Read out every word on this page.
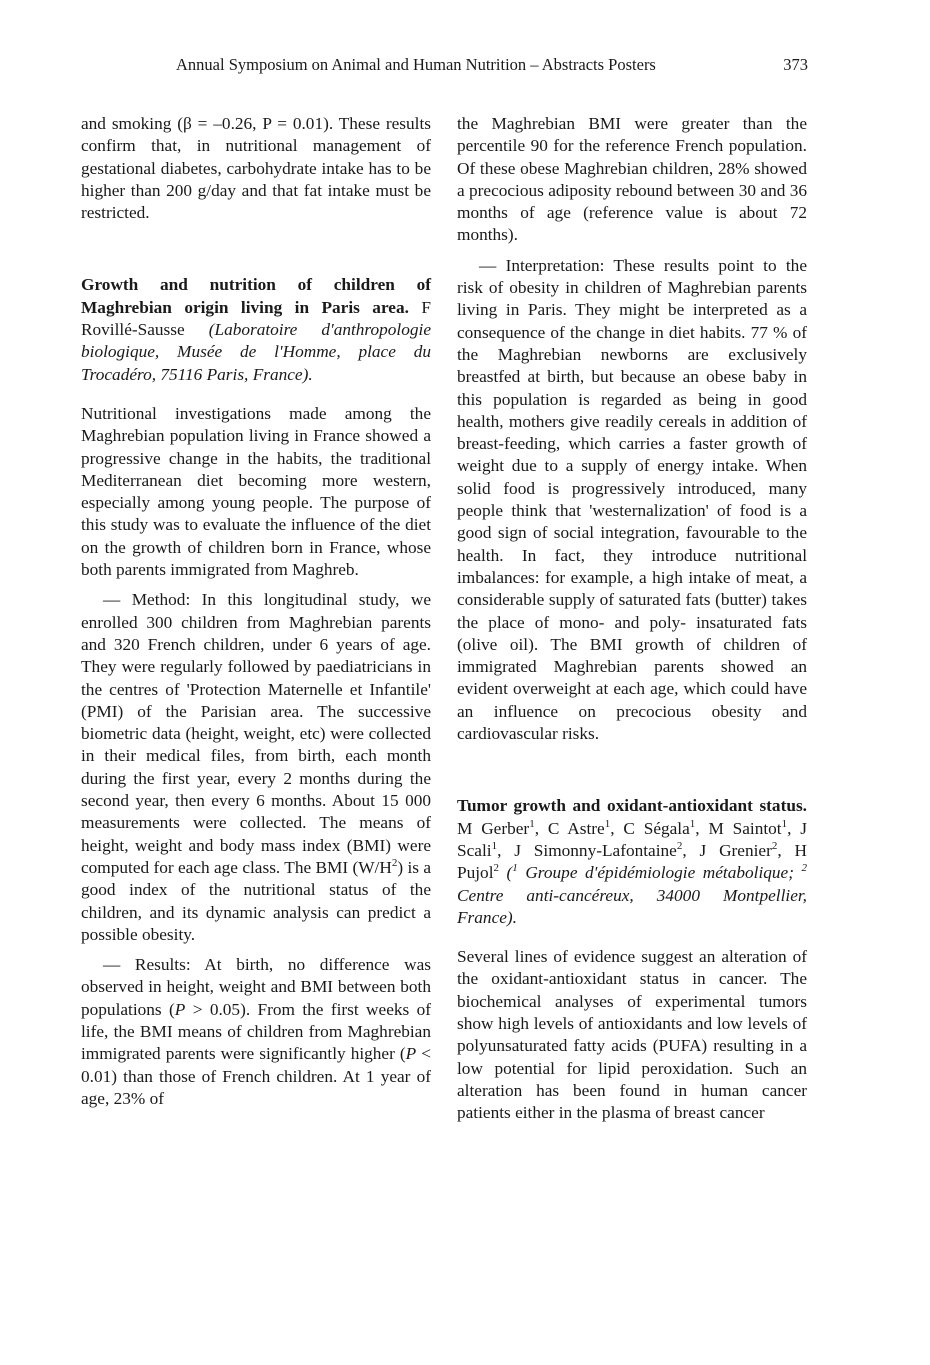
Annual Symposium on Animal and Human Nutrition – Abstracts Posters	373

and smoking (β = –0.26, P = 0.01). These results confirm that, in nutritional management of gestational diabetes, carbohydrate intake has to be higher than 200 g/day and that fat intake must be restricted.

Growth and nutrition of children of Maghrebian origin living in Paris area. F Rovillé-Sausse (Laboratoire d'anthropologie biologique, Musée de l'Homme, place du Trocadéro, 75116 Paris, France).

Nutritional investigations made among the Maghrebian population living in France showed a progressive change in the habits, the traditional Mediterranean diet becoming more western, especially among young people. The purpose of this study was to evaluate the influence of the diet on the growth of children born in France, whose both parents immigrated from Maghreb.

— Method: In this longitudinal study, we enrolled 300 children from Maghrebian parents and 320 French children, under 6 years of age. They were regularly followed by paediatricians in the centres of 'Protection Maternelle et Infantile' (PMI) of the Parisian area. The successive biometric data (height, weight, etc) were collected in their medical files, from birth, each month during the first year, every 2 months during the second year, then every 6 months. About 15 000 measurements were collected. The means of height, weight and body mass index (BMI) were computed for each age class. The BMI $(W/H^2)$ is a good index of the nutritional status of the children, and its dynamic analysis can predict a possible obesity.

— Results: At birth, no difference was observed in height, weight and BMI between both populations (P > 0.05). From the first weeks of life, the BMI means of children from Maghrebian immigrated parents were significantly higher (P < 0.01) than those of French children. At 1 year of age, 23% of

the Maghrebian BMI were greater than the percentile 90 for the reference French population. Of these obese Maghrebian children, 28% showed a precocious adiposity rebound between 30 and 36 months of age (reference value is about 72 months).

— Interpretation: These results point to the risk of obesity in children of Maghrebian parents living in Paris. They might be interpreted as a consequence of the change in diet habits. 77 % of the Maghrebian newborns are exclusively breastfed at birth, but because an obese baby in this population is regarded as being in good health, mothers give readily cereals in addition of breast-feeding, which carries a faster growth of weight due to a supply of energy intake. When solid food is progressively introduced, many people think that 'westernalization' of food is a good sign of social integration, favourable to the health. In fact, they introduce nutritional imbalances: for example, a high intake of meat, a considerable supply of saturated fats (butter) takes the place of mono- and poly- insaturated fats (olive oil). The BMI growth of children of immigrated Maghrebian parents showed an evident overweight at each age, which could have an influence on precocious obesity and cardiovascular risks.

Tumor growth and oxidant-antioxidant status. M Gerber$^1$, C Astre$^1$, C Ségala$^1$, M Saintot$^1$, J Scali$^1$, J Simonny-Lafontaine$^2$, J Grenier$^2$, H Pujol$^2$ ($^1$ Groupe d'épidémiologie métabolique; $^2$ Centre anti-cancéreux, 34000 Montpellier, France).

Several lines of evidence suggest an alteration of the oxidant-antioxidant status in cancer. The biochemical analyses of experimental tumors show high levels of antioxidants and low levels of polyunsaturated fatty acids (PUFA) resulting in a low potential for lipid peroxidation. Such an alteration has been found in human cancer patients either in the plasma of breast cancer
